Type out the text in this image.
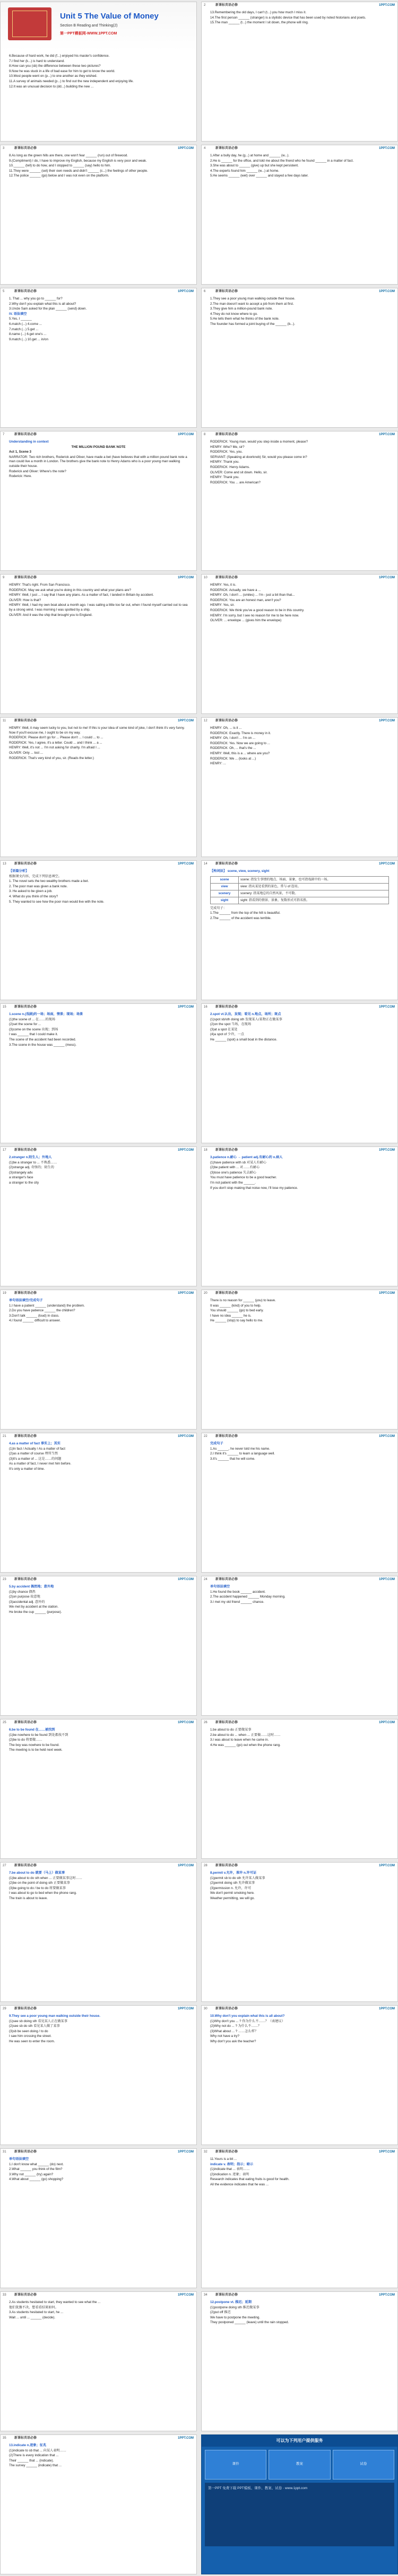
Unit 5 The Value of Money
Section B Reading and Thinking(2)
第一PPT模板网-WWW.1PPT.COM
6.Because of hard work, he did (f...) enjoyed his master's confidence.
7.I find her (k...) is hard to understand.
8.How can you (sb) the difference between these two pictures?
9.Now he was stuck in a life of bad ease for him to get to know the world.
10.Most people went on (p...) to one another as they wished.
11.A survey of animals needed (p...) to find out the new independent and enjoying life.
12.It was an unusual decision to (dd...) building the new ...
2	新课标英语必修	1PPT.COM
13.Remembering the old days, I can't (t...) you how much I miss it.
14.The first person ______ (stranger) is a stylistic device that has been used by noted historians and poets.
15.The man ______ (t...) the moment I sit down, the phone will ring.
3	新课标英语必修	1PPT.COM
8.As long as the green hills are there, one won't fear ______ (run) out of firewood.
9.(Compliment) I do, I have to improve my English, because my English is very poor and weak.
10.______ (tell) to do how, and I stopped to ______ (say) hello to him.
11.They were ______ (set) their own needs and didn't ______ (c...) the feelings of other people.
12.The police ______ (go) below and I was not even on the platform.
4	新课标英语必修	1PPT.COM
1.After a bully day, he (g...) at home and ______ (w...).
2.He is ______ for the office, and told me about the friend who he found ______ in a matter of fact.
3.She was about to ______ (give) up but she kept persistent.
4.The experts found him ______ (w...) at home.
5.He seems ______ (wet) over ______ and stayed a few days later.
5	新课标英语必修	1PPT.COM
1. That ... why you go to ______ for?
2.Why don't you explain what this is all about?
3.Uncle Sam asked for the plan ______ (send) down.
IV. 语法填空
5.Yes, I ______
6.match (...) 4.come ...
7.match (...) 5.get ...
8.name (...) 6.get one's ...
9.match (...) 10.get ... in/on
6	新课标英语必修	1PPT.COM
1.They see a poor young man walking outside their house.
2.The man doesn't want to accept a job from them at first.
3.They give him a million-pound bank note.
4.They do not know where to go.
5.He tells them what he thinks of the bank note.
The founder has formed a joint buying of the ______ (b...).
7	新课标英语必修	1PPT.COM
Understanding in context
THE MILLION POUND BANK NOTE
Act 1, Scene 3
NARRATOR: Two rich brothers, Roderick and Oliver, have made a bet (have believes that with a million pound bank note a man could live a month in London. The brothers give the bank note to Henry Adams who is a poor young man walking outside their house.
Roderick and Oliver: Where's the note?
Roderick: Here.
8	新课标英语必修	1PPT.COM
RODERICK: Young man, would you step inside a moment, please?
HENRY: Who? Me, sir?
RODERICK: Yes, you.
SERVANT: (Speaking at doorknob) Sir, would you please come in?
HENRY: Thank you.
RODERICK: Henry Adams.
OLIVER: Come and sit down. Hello, sir.
HENRY: Thank you.
RODERICK: You ... are American?
9	新课标英语必修	1PPT.COM
HENRY: That's right. From San Francisco.
RODERICK: May we ask what you're doing in this country and what your plans are?
HENRY: Well, I just ... I say that I have any plans. As a matter of fact, I landed in Britain by accident.
OLIVER: How is that?
HENRY: Well, I had my own boat about a month ago. I was sailing a little too far out, when I found myself carried out to sea by a strong wind. I was morning I was spotted by a ship.
OLIVER: And it was the ship that brought you to England.
10	新课标英语必修	1PPT.COM
HENRY: Yes, it is.
RODERICK: Actually, we have a ...
HENRY: Oh, I don't ... (smiles) ... I'm - just a bit than that...
RODERICK: You are an honest man, aren't you?
HENRY: Yes, sir.
RODERICK: We think you've a good reason to be in this country.
HENRY: I'm sorry, but I see no reason for me to be here now.
OLIVER: ... envelope ... (gives him the envelope)
11	新课标英语必修	1PPT.COM
HENRY: Well, it may seem lucky to you, but not to me! If this is your idea of some kind of joke, I don't think it's very funny. Now if you'll excuse me, I ought to be on my way.
RODERICK: Please don't go for ... Please don't ... I could ... to ...
RODERICK: Yes, I agree, it's a letter. Could ... and I think ... a ...
HENRY: Well, it's not ... I'm not asking for charity. I'm afraid I ...
OLIVER: Only ... lost ...
RODERICK: That's very kind of you, sir. (Reads the letter.)
12	新课标英语必修	1PPT.COM
HENRY: Oh, ... is it ...
RODERICK: Exactly. There is money in it.
HENRY: Oh, I don't ... I'm on ...
RODERICK: Yes. Now we are going to ...
RODERICK: Oh, ... that's the ...
HENRY: Well, this is a ... where are you?
RODERICK: We ... (looks at ...)
HENRY: ...
13	新课标英语必修	1PPT.COM
【语篇分析】
根据课文内容，完成下列信息填空。
1. The novel sets the two wealthy brothers made a bet.
2. The poor man was given a bank note.
3. He asked to be given a job.
4. What do you think of the story?
5. They wanted to see how the poor man would live with the note.
14	新课标英语必修	1PPT.COM
【构词法】 scene, view, scenery, sight
scene	scene: 指发生事情的地点、场面、景象，也可指戏剧中的一场。
view	view: 指从某处看到的景色，常与 of 连用。
scenery	scenery: 指某地总的自然风景，不可数。
sight	sight: 指看到的情景、景象，复数形式可指名胜。
完成句子：
1.The ______ from the top of the hill is beautiful.
2.The ______ of the accident was terrible.
15	新课标英语必修	1PPT.COM
1.scene n.(戏剧)的一场；场面，情景；现场；场景
(1)the scene of ... 在……的现场
(2)set the scene for ...
(3)come on the scene 出现；到场
I was ______ that I could make it.
The scene of the accident had been recorded.
3.The scene in the house was ______ (mess).
16	新课标英语必修	1PPT.COM
2.spot vt.认出，发现；看见 n.地点，场所；斑点
(1)spot sb/sth doing sth 发现某人/某物正在做某事
(2)on the spot 当场，在现场
(3)at a spot 在某处
(4)a spot of 少许，一点
He ______ (spot) a small boat in the distance.
17	新课标英语必修	1PPT.COM
2.stranger n.陌生人；外地人
(1)be a stranger to ... 不熟悉……
(2)strange adj. 奇怪的；陌生的
(3)strangely adv.
a stranger's face
a stranger to the city
18	新课标英语必修	1PPT.COM
3.patience n.耐心 → patient adj.有耐心的 n.病人
(1)have patience with sb 对某人有耐心
(2)be patient with ... 对……有耐心
(3)lose one's patience 失去耐心
You must have patience to be a good teacher.
I'm not patient with the ______.
If you don't stop making that noise now, I'll lose my patience.
19	新课标英语必修	1PPT.COM
单句语法填空/完成句子
1.I have a patient ______ (understand) the problem.
2.Do you have patience ______ the children?
3.Don't talk ______ (loud) in class.
4.I found ______ difficult to answer.
20	新课标英语必修	1PPT.COM
There is no reason for ______ (you) to leave.
It was ______ (kind) of you to help.
You should ______ (go) to bed early.
I have no idea ______ he is.
He ______ (stop) to say hello to me.
21	新课标英语必修	1PPT.COM
4.as a matter of fact 事实上；其实
(1)In fact / Actually / As a matter of fact
(2)as a matter of course 理所当然
(3)It's a matter of ... 这是……的问题
As a matter of fact, I never met him before.
It's only a matter of time.
22	新课标英语必修	1PPT.COM
完成句子
1.As ______, he never told me his name.
2.I think it's ______ to learn a language well.
3.It's ______ that he will come.
23	新课标英语必修	1PPT.COM
5.by accident 偶然地；意外地
(1)by chance 偶然
(2)on purpose 故意地
(3)accidental adj. 意外的
We met by accident at the station.
He broke the cup ______ (purpose).
24	新课标英语必修	1PPT.COM
单句语法填空
1.He found the book ______ accident.
2.The accident happened ______ Monday morning.
3.I met my old friend ______ chance.
25	新课标英语必修	1PPT.COM
6.be to be found 在……被找到
(1)be nowhere to be found 到处都找不到
(2)be to do 将要做……
The boy was nowhere to be found.
The meeting is to be held next week.
26	新课标英语必修	1PPT.COM
1.be about to do 正要做某事
2.be about to do ... when ... 正要做……这时……
3.I was about to leave when he came in.
4.He was ______ (go) out when the phone rang.
27	新课标英语必修	1PPT.COM
7.be about to do 就要（马上）做某事
(1)be about to do sth when ... 正要做某事这时……
(2)be on the point of doing sth 正要做某事
(3)be going to do / be to do 将要做某事
I was about to go to bed when the phone rang.
The train is about to leave.
28	新课标英语必修	1PPT.COM
8.permit v.允许，准许 n.许可证
(1)permit sb to do sth 允许某人做某事
(2)permit doing sth 允许做某事
(3)permission n. 允许，许可
We don't permit smoking here.
Weather permitting, we will go.
29	新课标英语必修	1PPT.COM
9.They see a poor young man walking outside their house.
(1)see sb doing sth 看见某人正在做某事
(2)see sb do sth 看见某人做了某事
(3)sb be seen doing / to do
I saw him crossing the street.
He was seen to enter the room.
30	新课标英语必修	1PPT.COM
10.Why don't you explain what this is all about?
(1)Why don't you ... ? 你为什么不……？（表建议）
(2)Why not do ... ? 为什么不……？
(3)What about ... ? ……怎么样？
Why not have a try?
Why don't you ask the teacher?
31	新课标英语必修	1PPT.COM
单句语法填空
1.I don't know what ______ (do) next.
2.What ______ you think of the film?
3.Why not ______ (try) again?
4.What about ______ (go) shopping?
32	新课标英语必修	1PPT.COM
11.Yours is a bit ...
indicate v. 表明；指示；暗示
(1)indicate that ... 表明……
(2)indication n. 迹象；表明
Research indicates that eating fruits is good for health.
All the evidence indicates that he was ...
33	新课标英语必修	1PPT.COM
2.As students hesitated to start, they wanted to see what the ...
他们犹豫不决，想看看结果如何。
3.As students hesitated to start, he ...
Wait ... until ... ______ (decide).
34	新课标英语必修	1PPT.COM
12.postpone vt. 推迟；延期
(1)postpone doing sth 推迟做某事
(2)put off 推迟
We have to postpone the meeting.
They postponed ______ (leave) until the rain stopped.
35	新课标英语必修	1PPT.COM
13.indicate n.迹象；征兆
(1)indicate to sb that ... 向某人表明……
(2)There is every indication that ...
Their ______ that ... (indicate).
The survey ______ (indicate) that ...
可以为下列用户提供服务
课件	教案	试卷
第一PPT 免费下载 PPT模板、课件、教案、试卷 · www.1ppt.com
